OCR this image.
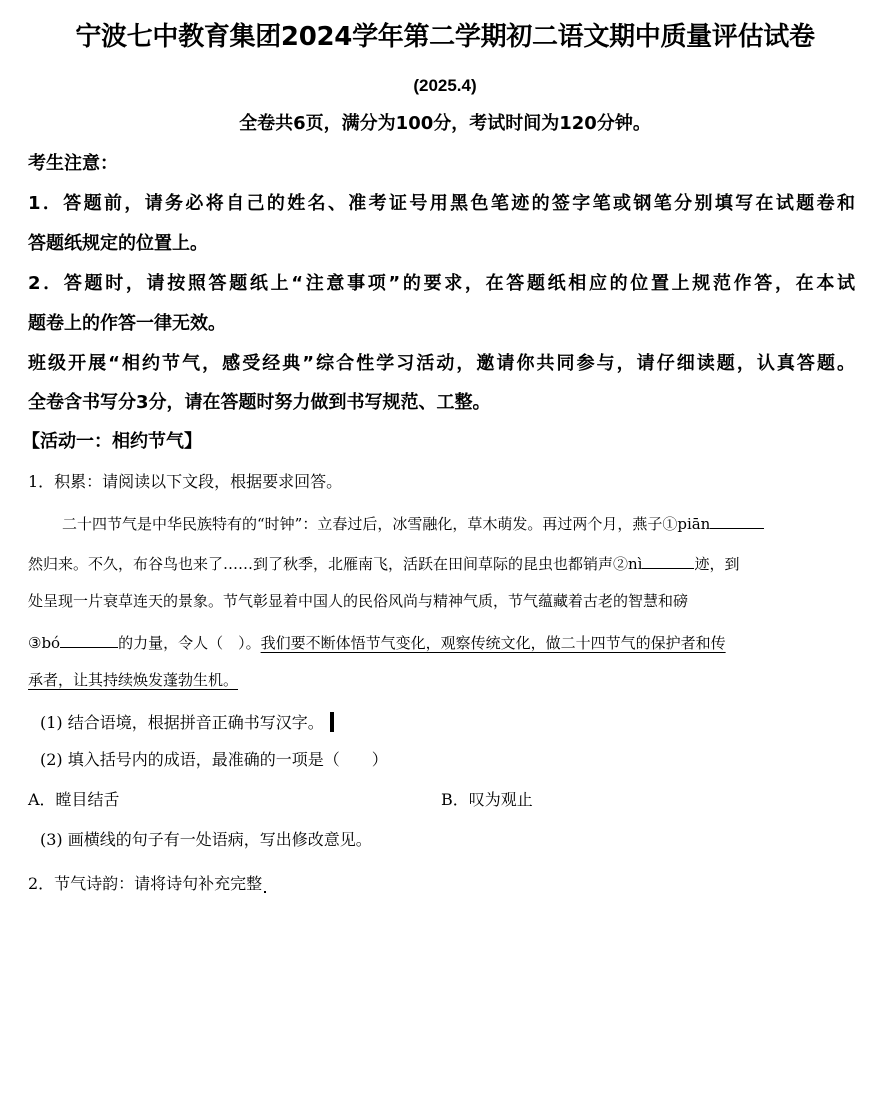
宁波七中教育集团2024学年第二学期初二语文期中质量评估试卷
(2025.4)
全卷共6页，满分为100分，考试时间为120分钟。
考生注意：
1．答题前，请务必将自己的姓名、准考证号用黑色笔迹的签字笔或钢笔分别填写在试题卷和
答题纸规定的位置上。
2．答题时，请按照答题纸上“注意事项”的要求，在答题纸相应的位置上规范作答，在本试
题卷上的作答一律无效。
班级开展“相约节气，感受经典”综合性学习活动，邀请你共同参与，请仔细读题，认真答题。
全卷含书写分3分，请在答题时努力做到书写规范、工整。
【活动一：相约节气】
1．积累：请阅读以下文段，根据要求回答。
二十四节气是中华民族特有的“时钟”：立春过后，冰雪融化，草木萌发。再过两个月，燕子①piān
然归来。不久，布谷鸟也来了……到了秋季，北雁南飞，活跃在田间草际的昆虫也都销声②nì	迹，到
处呈现一片衰草连天的景象。节气彰显着中国人的民俗风尚与精神气质，节气蕴藏着古老的智慧和磅
③bó	的力量，令人（　）。我们要不断体悟节气变化，观察传统文化，做二十四节气的保护者和传
承者，让其持续焕发蓬勃生机。
(1) 结合语境，根据拼音正确书写汉字。
(2) 填入括号内的成语，最准确的一项是（　　）
A．瞠目结舌	B．叹为观止
(3) 画横线的句子有一处语病，写出修改意见。
2．节气诗韵：请将诗句补充完整
